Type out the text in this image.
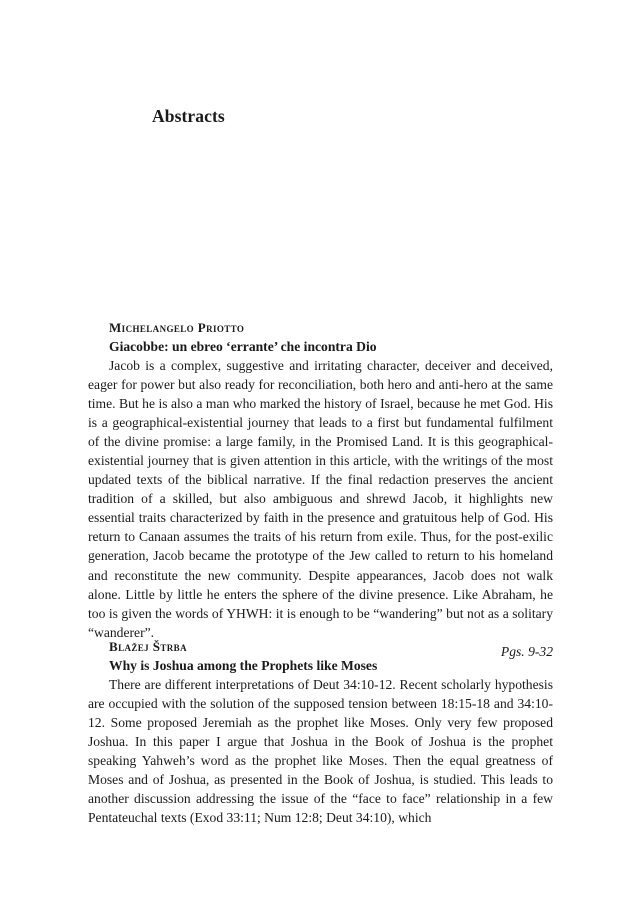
Abstracts

Michelangelo Priotto

Giacobbe: un ebreo ‘errante’ che incontra Dio

Jacob is a complex, suggestive and irritating character, deceiver and deceived, eager for power but also ready for reconciliation, both hero and anti-hero at the same time. But he is also a man who marked the history of Israel, because he met God. His is a geographical-existential journey that leads to a first but fundamental fulfilment of the divine promise: a large family, in the Promised Land. It is this geographical-existential journey that is given attention in this article, with the writings of the most updated texts of the biblical narrative. If the final redaction preserves the ancient tradition of a skilled, but also ambiguous and shrewd Jacob, it highlights new essential traits characterized by faith in the presence and gratuitous help of God. His return to Canaan assumes the traits of his return from exile. Thus, for the post-exilic generation, Jacob became the prototype of the Jew called to return to his homeland and reconstitute the new community. Despite appearances, Jacob does not walk alone. Little by little he enters the sphere of the divine presence. Like Abraham, he too is given the words of YHWH: it is enough to be “wandering” but not as a solitary “wanderer”.

Pgs. 9-32

Blažej Štrba

Why is Joshua among the Prophets like Moses

There are different interpretations of Deut 34:10-12. Recent scholarly hypothesis are occupied with the solution of the supposed tension between 18:15-18 and 34:10-12. Some proposed Jeremiah as the prophet like Moses. Only very few proposed Joshua. In this paper I argue that Joshua in the Book of Joshua is the prophet speaking Yahweh’s word as the prophet like Moses. Then the equal greatness of Moses and of Joshua, as presented in the Book of Joshua, is studied. This leads to another discussion addressing the issue of the “face to face” relationship in a few Pentateuchal texts (Exod 33:11; Num 12:8; Deut 34:10), which
